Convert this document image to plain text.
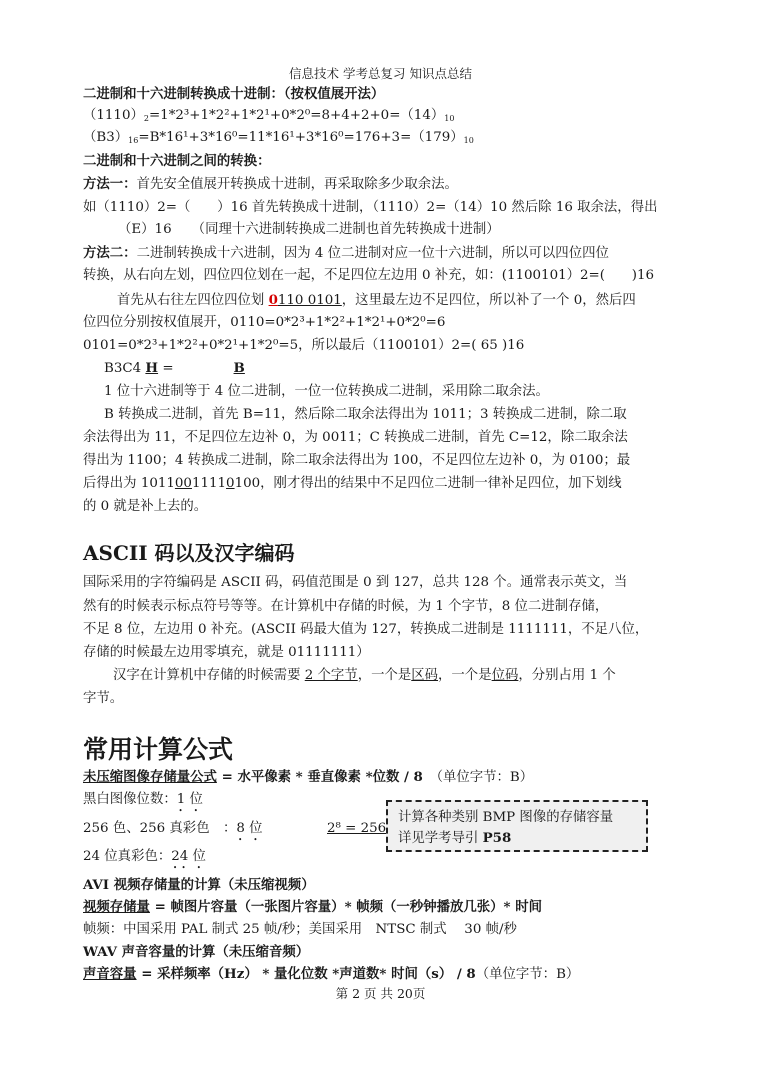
信息技术 学考总复习 知识点总结
二进制和十六进制转换成十进制：（按权值展开法）
$(1110)_2=1*2^3+1*2^2+1*2^1+0*2^0=8+4+2+0=(14)_{10}$
$(B3)_{16}=B*16^1+3*16^0=11*16^1+3*16^0=176+3=(179)_{10}$
二进制和十六进制之间的转换：
方法一：首先安全值展开转换成十进制，再采取除多少取余法。
如（1110）2=（　　）16 首先转换成十进制，（1110）2=（14）10 然后除 16 取余法，得出
（E）16　　（同理十六进制转换成二进制也首先转换成十进制）
方法二：二进制转换成十六进制，因为 4 位二进制对应一位十六进制，所以可以四位四位
转换，从右向左划，四位四位划在一起，不足四位左边用 0 补充，如：(1100101）2=(　　)16
首先从右往左四位四位划 0110 0101，这里最左边不足四位，所以补了一个 0，然后四
位四位分别按权值展开，0110=0*2³+1*2²+1*2¹+0*2⁰=6
0101=0*2³+1*2²+0*2¹+1*2⁰=5，所以最后（1100101）2=( 65 )16
B3C4 H =	B
1 位十六进制等于 4 位二进制，一位一位转换成二进制，采用除二取余法。
B 转换成二进制，首先 B=11，然后除二取余法得出为 1011；3 转换成二进制，除二取
余法得出为 11，不足四位左边补 0，为 0011；C 转换成二进制，首先 C=12，除二取余法
得出为 1100；4 转换成二进制，除二取余法得出为 100，不足四位左边补 0，为 0100；最
后得出为 10110011110100，刚才得出的结果中不足四位二进制一律补足四位，加下划线
的 0 就是补上去的。
ASCII 码以及汉字编码
国际采用的字符编码是 ASCII 码，码值范围是 0 到 127，总共 128 个。通常表示英文，当
然有的时候表示标点符号等等。在计算机中存储的时候，为 1 个字节，8 位二进制存储，
不足 8 位，左边用 0 补充。(ASCII 码最大值为 127，转换成二进制是 1111111，不足八位，
存储的时候最左边用零填充，就是 01111111）
汉字在计算机中存储的时候需要 2 个字节，一个是区码，一个是位码，分别占用 1 个
字节。
常用计算公式
未压缩图像存储量公式 = 水平像素 * 垂直像素 *位数 / 8　（单位字节：B）
黑白图像位数：1 位
256 色、256 真彩色　：8 位	2⁸ = 256
24 位真彩色：24 位
计算各种类别 BMP 图像的存储容量
详见学考导引 P58
AVI 视频存储量的计算（未压缩视频）
视频存储量 = 帧图片容量（一张图片容量）* 帧频（一秒钟播放几张）* 时间
帧频：中国采用 PAL 制式 25 帧/秒；美国采用　NTSC 制式　 30 帧/秒
WAV 声音容量的计算（未压缩音频）
声音容量 = 采样频率（Hz） * 量化位数 *声道数* 时间（s） / 8（单位字节：B）
第 2 页 共 20页
